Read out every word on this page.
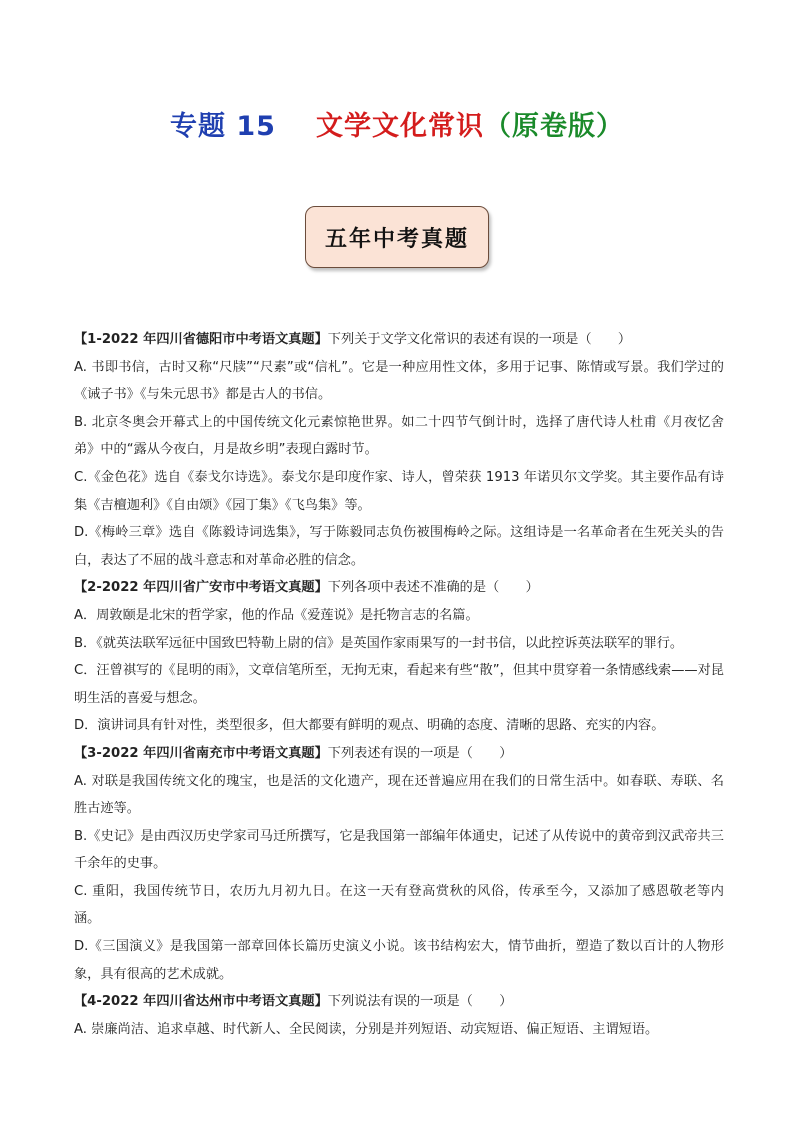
专题 15 文学文化常识（原卷版）
五年中考真题
【1-2022 年四川省德阳市中考语文真题】下列关于文学文化常识的表述有误的一项是（　　）
A. 书即书信，古时又称“尺牍”“尺素”或“信札”。它是一种应用性文体，多用于记事、陈情或写景。我们学过的《诫子书》《与朱元思书》都是古人的书信。
B. 北京冬奥会开幕式上的中国传统文化元素惊艳世界。如二十四节气倒计时，选择了唐代诗人杜甫《月夜忆舍弟》中的“露从今夜白，月是故乡明”表现白露时节。
C.《金色花》选自《泰戈尔诗选》。泰戈尔是印度作家、诗人，曾荣获 1913 年诺贝尔文学奖。其主要作品有诗集《吉檀迦利》《自由颂》《园丁集》《飞鸟集》等。
D.《梅岭三章》选自《陈毅诗词选集》，写于陈毅同志负伤被围梅岭之际。这组诗是一名革命者在生死关头的告白，表达了不屈的战斗意志和对革命必胜的信念。
【2-2022 年四川省广安市中考语文真题】下列各项中表述不准确的是（　　）
A．周敦颐是北宋的哲学家，他的作品《爱莲说》是托物言志的名篇。
B．《就英法联军远征中国致巴特勒上尉的信》是英国作家雨果写的一封书信，以此控诉英法联军的罪行。
C．汪曾祺写的《昆明的雨》，文章信笔所至，无拘无束，看起来有些“散”，但其中贯穿着一条情感线索——对昆明生活的喜爱与想念。
D．演讲词具有针对性，类型很多，但大都要有鲜明的观点、明确的态度、清晰的思路、充实的内容。
【3-2022 年四川省南充市中考语文真题】下列表述有误的一项是（　　）
A. 对联是我国传统文化的瑰宝，也是活的文化遗产，现在还普遍应用在我们的日常生活中。如春联、寿联、名胜古迹等。
B.《史记》是由西汉历史学家司马迁所撰写，它是我国第一部编年体通史，记述了从传说中的黄帝到汉武帝共三千余年的史事。
C. 重阳，我国传统节日，农历九月初九日。在这一天有登高赏秋的风俗，传承至今，又添加了感恩敬老等内涵。
D.《三国演义》是我国第一部章回体长篇历史演义小说。该书结构宏大，情节曲折，塑造了数以百计的人物形象，具有很高的艺术成就。
【4-2022 年四川省达州市中考语文真题】下列说法有误的一项是（　　）
A. 崇廉尚洁、追求卓越、时代新人、全民阅读，分别是并列短语、动宾短语、偏正短语、主谓短语。
